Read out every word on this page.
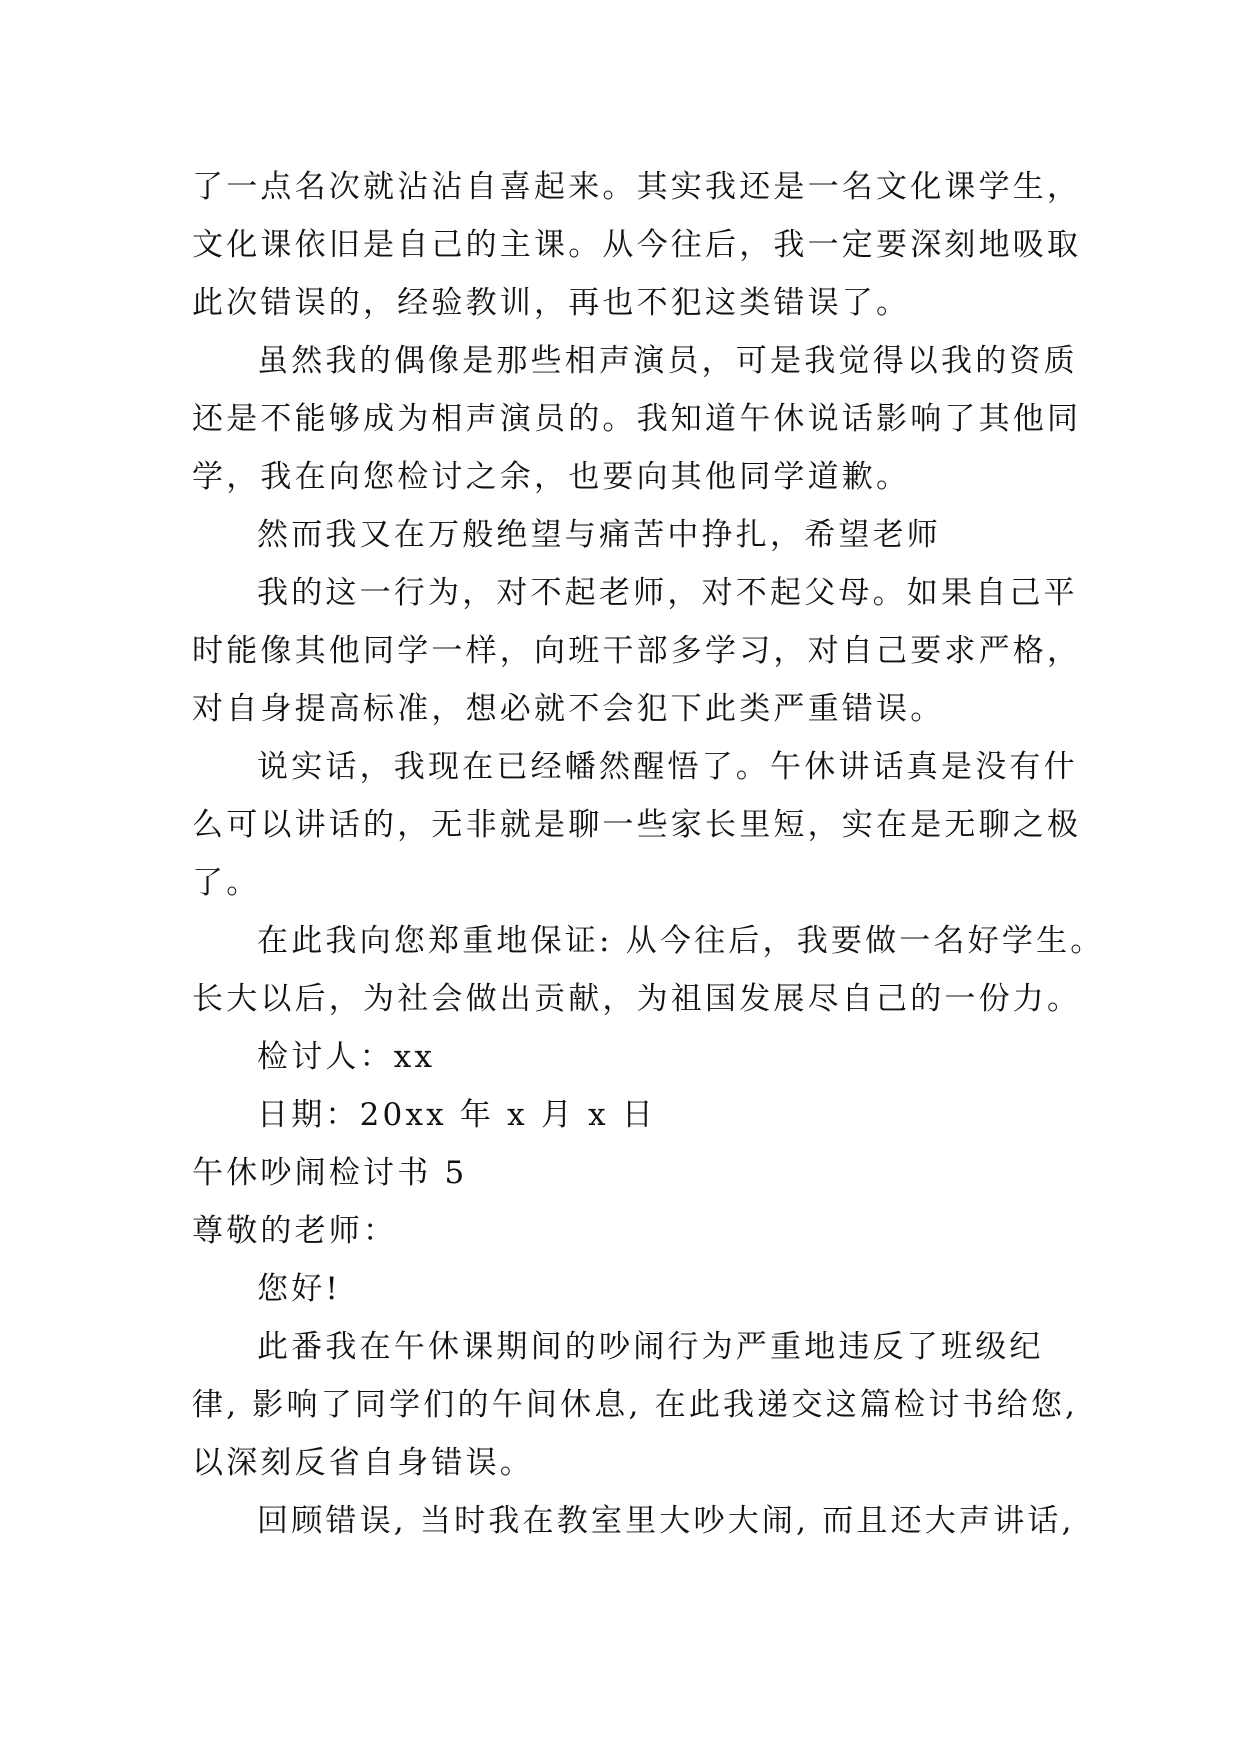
了一点名次就沾沾自喜起来。其实我还是一名文化课学生，
文化课依旧是自己的主课。从今往后，我一定要深刻地吸取
此次错误的，经验教训，再也不犯这类错误了。
虽然我的偶像是那些相声演员，可是我觉得以我的资质
还是不能够成为相声演员的。我知道午休说话影响了其他同
学，我在向您检讨之余，也要向其他同学道歉。
然而我又在万般绝望与痛苦中挣扎，希望老师
我的这一行为，对不起老师，对不起父母。如果自己平
时能像其他同学一样，向班干部多学习，对自己要求严格，
对自身提高标准，想必就不会犯下此类严重错误。
说实话，我现在已经幡然醒悟了。午休讲话真是没有什
么可以讲话的，无非就是聊一些家长里短，实在是无聊之极
了。
在此我向您郑重地保证: 从今往后，我要做一名好学生。
长大以后，为社会做出贡献，为祖国发展尽自己的一份力。
检讨人：xx
日期：20xx 年 x 月 x 日
午休吵闹检讨书 5
尊敬的老师：
您好!
此番我在午休课期间的吵闹行为严重地违反了班级纪
律, 影响了同学们的午间休息, 在此我递交这篇检讨书给您,
以深刻反省自身错误。
回顾错误, 当时我在教室里大吵大闹, 而且还大声讲话,
